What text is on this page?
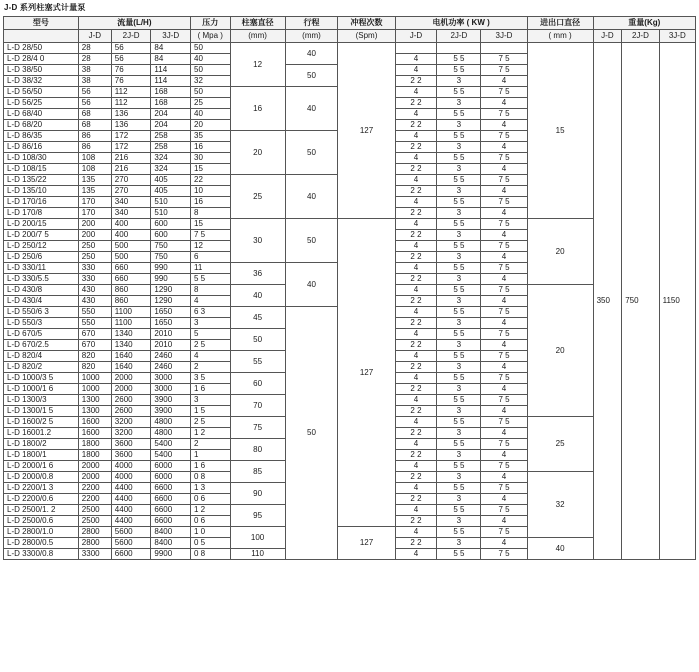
J-D 系列柱塞式计量泵
型号	流量(L/H)			压力	柱塞直径	行程	冲程次数	电机功率 ( KW )			进出口直径	重量(Kg)		
	J-D	2J-D	3J-D	( Mpa )	(mm)	(mm)	(Spm)	J-D	2J-D	3J-D	( mm )	J-D	2J-D	3J-D
L-D 28/50	28	56	84	50	12	40	127				15	350	750	1150
L-D 28/4 0	28	56	84	40				4	5 5	7 5				
L-D 38/50	38	76	114	50		50		4	5 5	7 5				
L-D 38/32	38	76	114	32				2 2	3	4				
L-D 56/50	56	112	168	50	16	40		4	5 5	7 5				
L-D 56/25	56	112	168	25				2 2	3	4				
L-D 68/40	68	136	204	40				4	5 5	7 5				
L-D 68/20	68	136	204	20				2 2	3	4				
L-D 86/35	86	172	258	35	20	50		4	5 5	7 5				
L-D 86/16	86	172	258	16				2 2	3	4				
L-D 108/30	108	216	324	30				4	5 5	7 5				
L-D 108/15	108	216	324	15				2 2	3	4				
L-D 135/22	135	270	405	22	25	40		4	5 5	7 5				
L-D 135/10	135	270	405	10				2 2	3	4				
L-D 170/16	170	340	510	16				4	5 5	7 5				
L-D 170/8	170	340	510	8				2 2	3	4				
L-D 200/15	200	400	600	15	30	50	127	4	5 5	7 5	20			
L-D 200/7 5	200	400	600	7 5				2 2	3	4				
L-D 250/12	250	500	750	12				4	5 5	7 5				
L-D 250/6	250	500	750	6				2 2	3	4				
L-D 330/11	330	660	990	11	36	40		4	5 5	7 5				
L-D 330/5.5	330	660	990	5 5				2 2	3	4				
L-D 430/8	430	860	1290	8	40			4	5 5	7 5	20			
L-D 430/4	430	860	1290	4				2 2	3	4				
L-D 550/6 3	550	1100	1650	6 3	45	50		4	5 5	7 5				
L-D 550/3	550	1100	1650	3				2 2	3	4				
L-D 670/5	670	1340	2010	5	50			4	5 5	7 5				
L-D 670/2.5	670	1340	2010	2 5				2 2	3	4				
L-D 820/4	820	1640	2460	4	55			4	5 5	7 5				
L-D 820/2	820	1640	2460	2				2 2	3	4				
L-D 1000/3 5	1000	2000	3000	3 5	60			4	5 5	7 5				
L-D 1000/1 6	1000	2000	3000	1 6				2 2	3	4				
L-D 1300/3	1300	2600	3900	3	70			4	5 5	7 5				
L-D 1300/1 5	1300	2600	3900	1 5				2 2	3	4				
L-D 1600/2 5	1600	3200	4800	2 5	75			4	5 5	7 5	25			
L-D 16001.2	1600	3200	4800	1 2				2 2	3	4				
L-D 1800/2	1800	3600	5400	2	80			4	5 5	7 5				
L-D 1800/1	1800	3600	5400	1				2 2	3	4				
L-D 2000/1 6	2000	4000	6000	1 6	85			4	5 5	7 5				
L-D 2000/0.8	2000	4000	6000	0 8				2 2	3	4	32			
L-D 2200/1 3	2200	4400	6600	1 3	90			4	5 5	7 5				
L-D 2200/0.6	2200	4400	6600	0 6				2 2	3	4				
L-D 2500/1. 2	2500	4400	6600	1 2	95			4	5 5	7 5				
L-D 2500/0.6	2500	4400	6600	0 6				2 2	3	4				
L-D 2800/1.0	2800	5600	8400	1 0	100		127	4	5 5	7 5				
L-D 2800/0.5	2800	5600	8400	0 5				2 2	3	4	40			
L-D 3300/0.8	3300	6600	9900	0 8	110			4	5 5	7 5				
